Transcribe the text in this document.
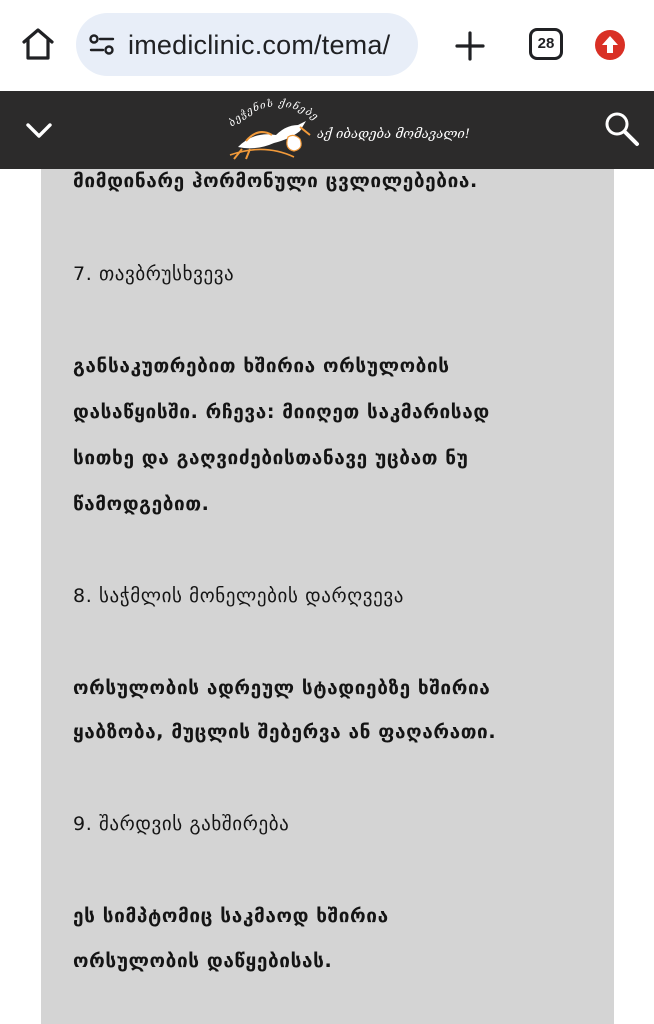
imediclinic.com/tema/	28
ბეჭენის ქინებე
აქ იბადება მომავალი!
მიმდინარე ჰორმონული ცვლილებებია.
7. თავბრუსხვევა
განსაკუთრებით ხშირია ორსულობის
დასაწყისში. რჩევა: მიიღეთ საკმარისად
სითხე და გაღვიძებისთანავე უცბათ ნუ
წამოდგებით.
8. საჭმლის მონელების დარღვევა
ორსულობის ადრეულ სტადიებზე ხშირია
ყაბზობა, მუცლის შებერვა ან ფაღარათი.
9. შარდვის გახშირება
ეს სიმპტომიც საკმაოდ ხშირია
ორსულობის დაწყებისას.
